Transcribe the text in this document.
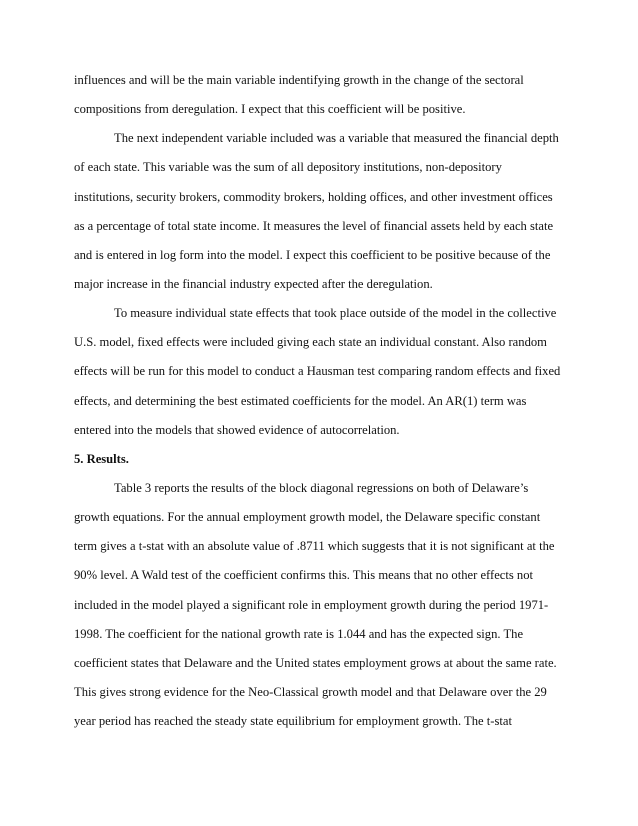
influences and will be the main variable indentifying growth in the change of the sectoral
compositions from deregulation. I expect that this coefficient will be positive.
The next independent variable included was a variable that measured the financial depth
of each state. This variable was the sum of all depository institutions, non-depository
institutions, security brokers, commodity brokers, holding offices, and other investment offices
as a percentage of total state income. It measures the level of financial assets held by each state
and is entered in log form into the model. I expect this coefficient to be positive because of the
major increase in the financial industry expected after the deregulation.
To measure individual state effects that took place outside of the model in the collective
U.S. model, fixed effects were included giving each state an individual constant. Also random
effects will be run for this model to conduct a Hausman test comparing random effects and fixed
effects, and determining the best estimated coefficients for the model. An AR(1) term was
entered into the models that showed evidence of autocorrelation.
5. Results.
Table 3 reports the results of the block diagonal regressions on both of Delaware’s
growth equations. For the annual employment growth model, the Delaware specific constant
term gives a t-stat with an absolute value of .8711 which suggests that it is not significant at the
90% level. A Wald test of the coefficient confirms this. This means that no other effects not
included in the model played a significant role in employment growth during the period 1971-
1998. The coefficient for the national growth rate is 1.044 and has the expected sign. The
coefficient states that Delaware and the United states employment grows at about the same rate.
This gives strong evidence for the Neo-Classical growth model and that Delaware over the 29
year period has reached the steady state equilibrium for employment growth. The t-stat
